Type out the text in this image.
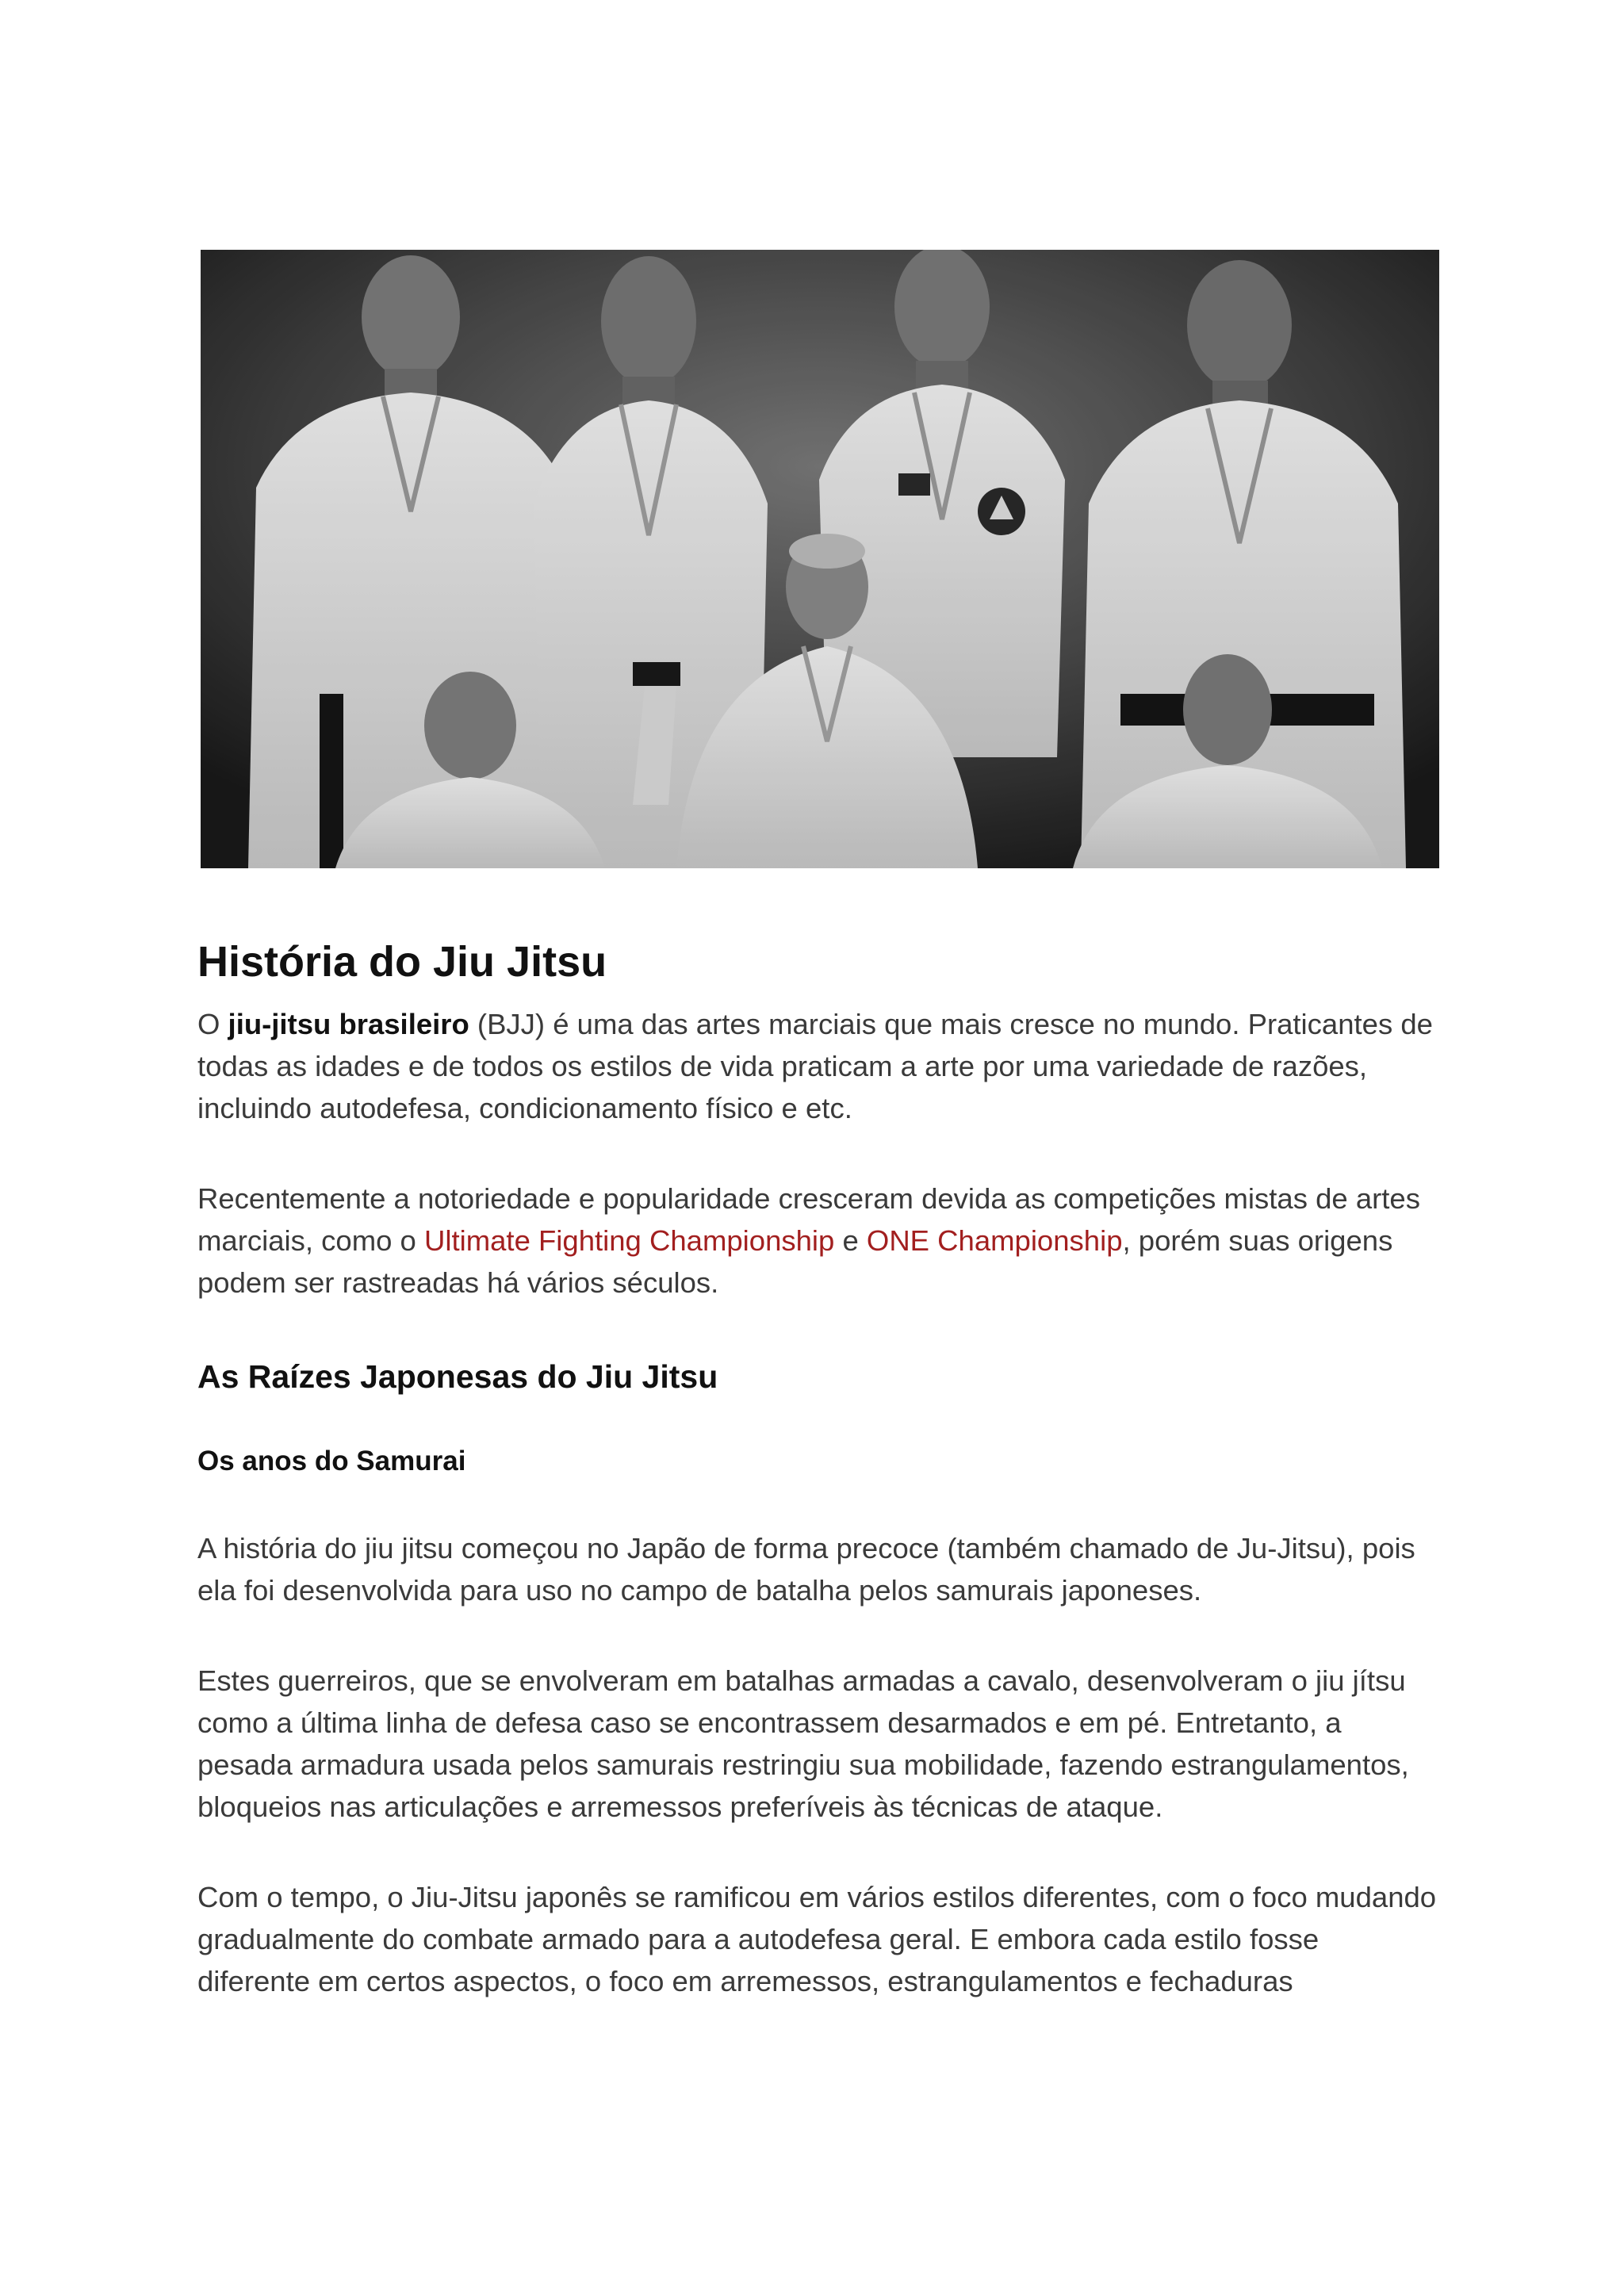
História do Jiu Jitsu

O jiu-jitsu brasileiro (BJJ) é uma das artes marciais que mais cresce no mundo. Praticantes de todas as idades e de todos os estilos de vida praticam a arte por uma variedade de razões, incluindo autodefesa, condicionamento físico e etc.

Recentemente a notoriedade e popularidade cresceram devida as competições mistas de artes marciais, como o Ultimate Fighting Championship e ONE Championship, porém suas origens podem ser rastreadas há vários séculos.

As Raízes Japonesas do Jiu Jitsu
Os anos do Samurai

A história do jiu jitsu começou no Japão de forma precoce (também chamado de Ju-Jitsu), pois ela foi desenvolvida para uso no campo de batalha pelos samurais japoneses.

Estes guerreiros, que se envolveram em batalhas armadas a cavalo, desenvolveram o jiu jítsu como a última linha de defesa caso se encontrassem desarmados e em pé. Entretanto, a pesada armadura usada pelos samurais restringiu sua mobilidade, fazendo estrangulamentos, bloqueios nas articulações e arremessos preferíveis às técnicas de ataque.

Com o tempo, o Jiu-Jitsu japonês se ramificou em vários estilos diferentes, com o foco mudando gradualmente do combate armado para a autodefesa geral. E embora cada estilo fosse diferente em certos aspectos, o foco em arremessos, estrangulamentos e fechaduras
